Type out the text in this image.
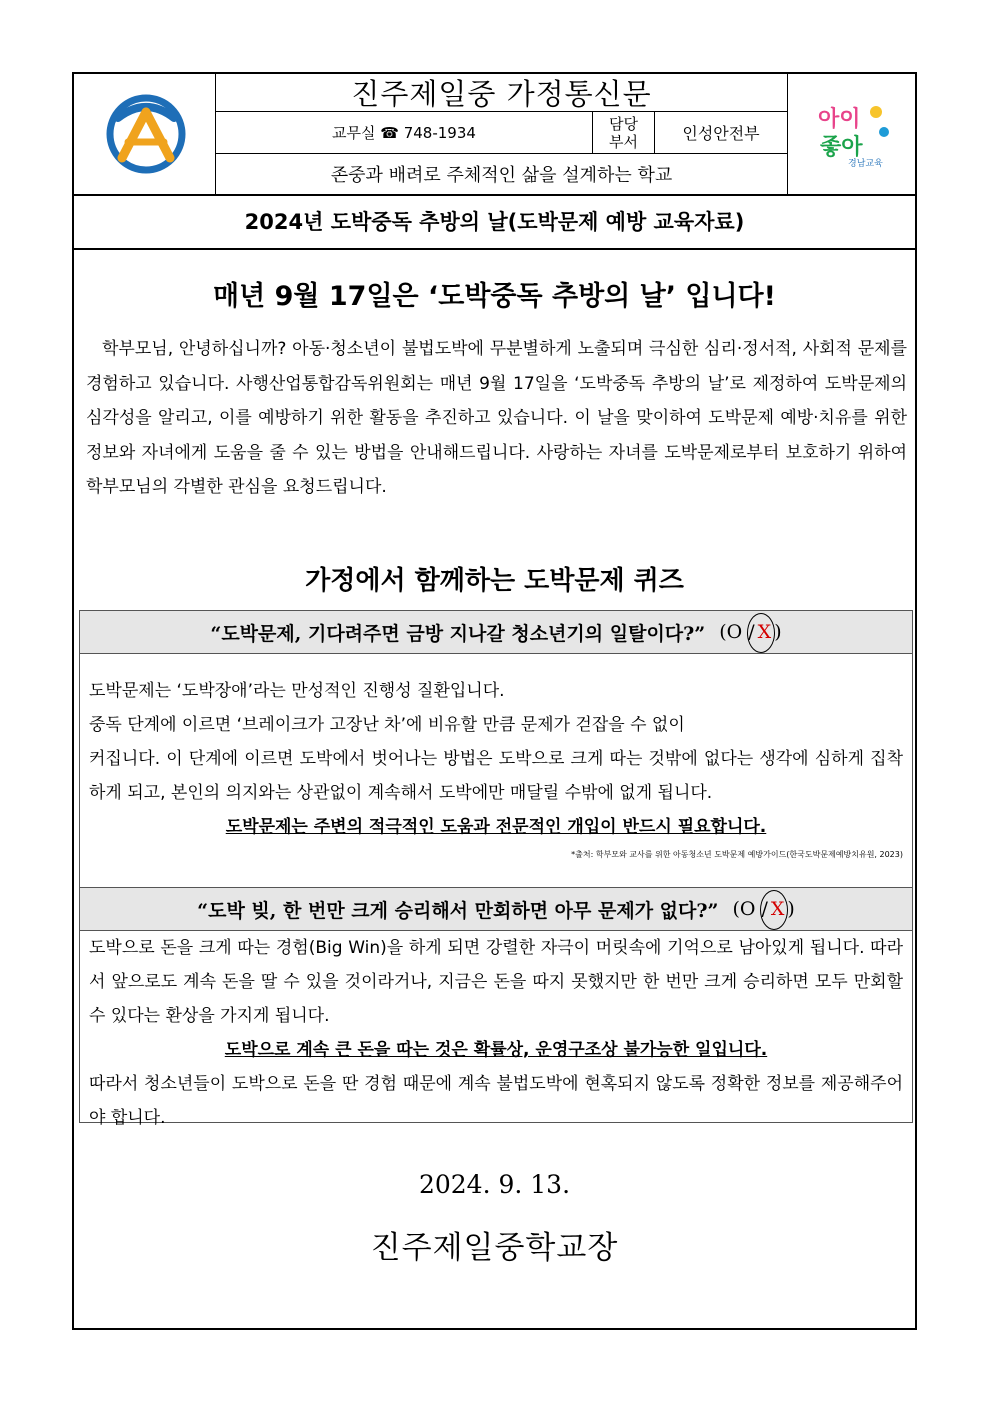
진주제일중 가정통신문
교무실 ☎ 748-1934
담당
부서	인성안전부
존중과 배려로 주체적인 삶을 설계하는 학교
아이
좋아
경남교육
2024년 도박중독 추방의 날(도박문제 예방 교육자료)
매년 9월 17일은 ‘도박중독 추방의 날’ 입니다!

학부모님, 안녕하십니까? 아동·청소년이 불법도박에 무분별하게 노출되며 극심한 심리·정서적, 사회적 문제를 경험하고 있습니다. 사행산업통합감독위원회는 매년 9월 17일을 ‘도박중독 추방의 날’로 제정하여 도박문제의 심각성을 알리고, 이를 예방하기 위한 활동을 추진하고 있습니다. 이 날을 맞이하여 도박문제 예방·치유를 위한 정보와 자녀에게 도움을 줄 수 있는 방법을 안내해드립니다. 사랑하는 자녀를 도박문제로부터 보호하기 위하여 학부모님의 각별한 관심을 요청드립니다.

가정에서 함께하는 도박문제 퀴즈
“도박문제, 기다려주면 금방 지나갈 청소년기의 일탈이다?” (O / X )

도박문제는 ‘도박장애’라는 만성적인 진행성 질환입니다.

중독 단계에 이르면 ‘브레이크가 고장난 차’에 비유할 만큼 문제가 걷잡을 수 없이

커집니다. 이 단계에 이르면 도박에서 벗어나는 방법은 도박으로 크게 따는 것밖에 없다는 생각에 심하게 집착하게 되고, 본인의 의지와는 상관없이 계속해서 도박에만 매달릴 수밖에 없게 됩니다.

도박문제는 주변의 적극적인 도움과 전문적인 개입이 반드시 필요합니다.

*출처: 학부모와 교사를 위한 아동청소년 도박문제 예방가이드(한국도박문제예방치유원, 2023)

“도박 빚, 한 번만 크게 승리해서 만회하면 아무 문제가 없다?” (O / X )

도박으로 돈을 크게 따는 경험(Big Win)을 하게 되면 강렬한 자극이 머릿속에 기억으로 남아있게 됩니다. 따라서 앞으로도 계속 돈을 딸 수 있을 것이라거나, 지금은 돈을 따지 못했지만 한 번만 크게 승리하면 모두 만회할 수 있다는 환상을 가지게 됩니다.

도박으로 계속 큰 돈을 따는 것은 확률상, 운영구조상 불가능한 일입니다.

따라서 청소년들이 도박으로 돈을 딴 경험 때문에 계속 불법도박에 현혹되지 않도록 정확한 정보를 제공해주어야 합니다.

2024. 9. 13.
진주제일중학교장
